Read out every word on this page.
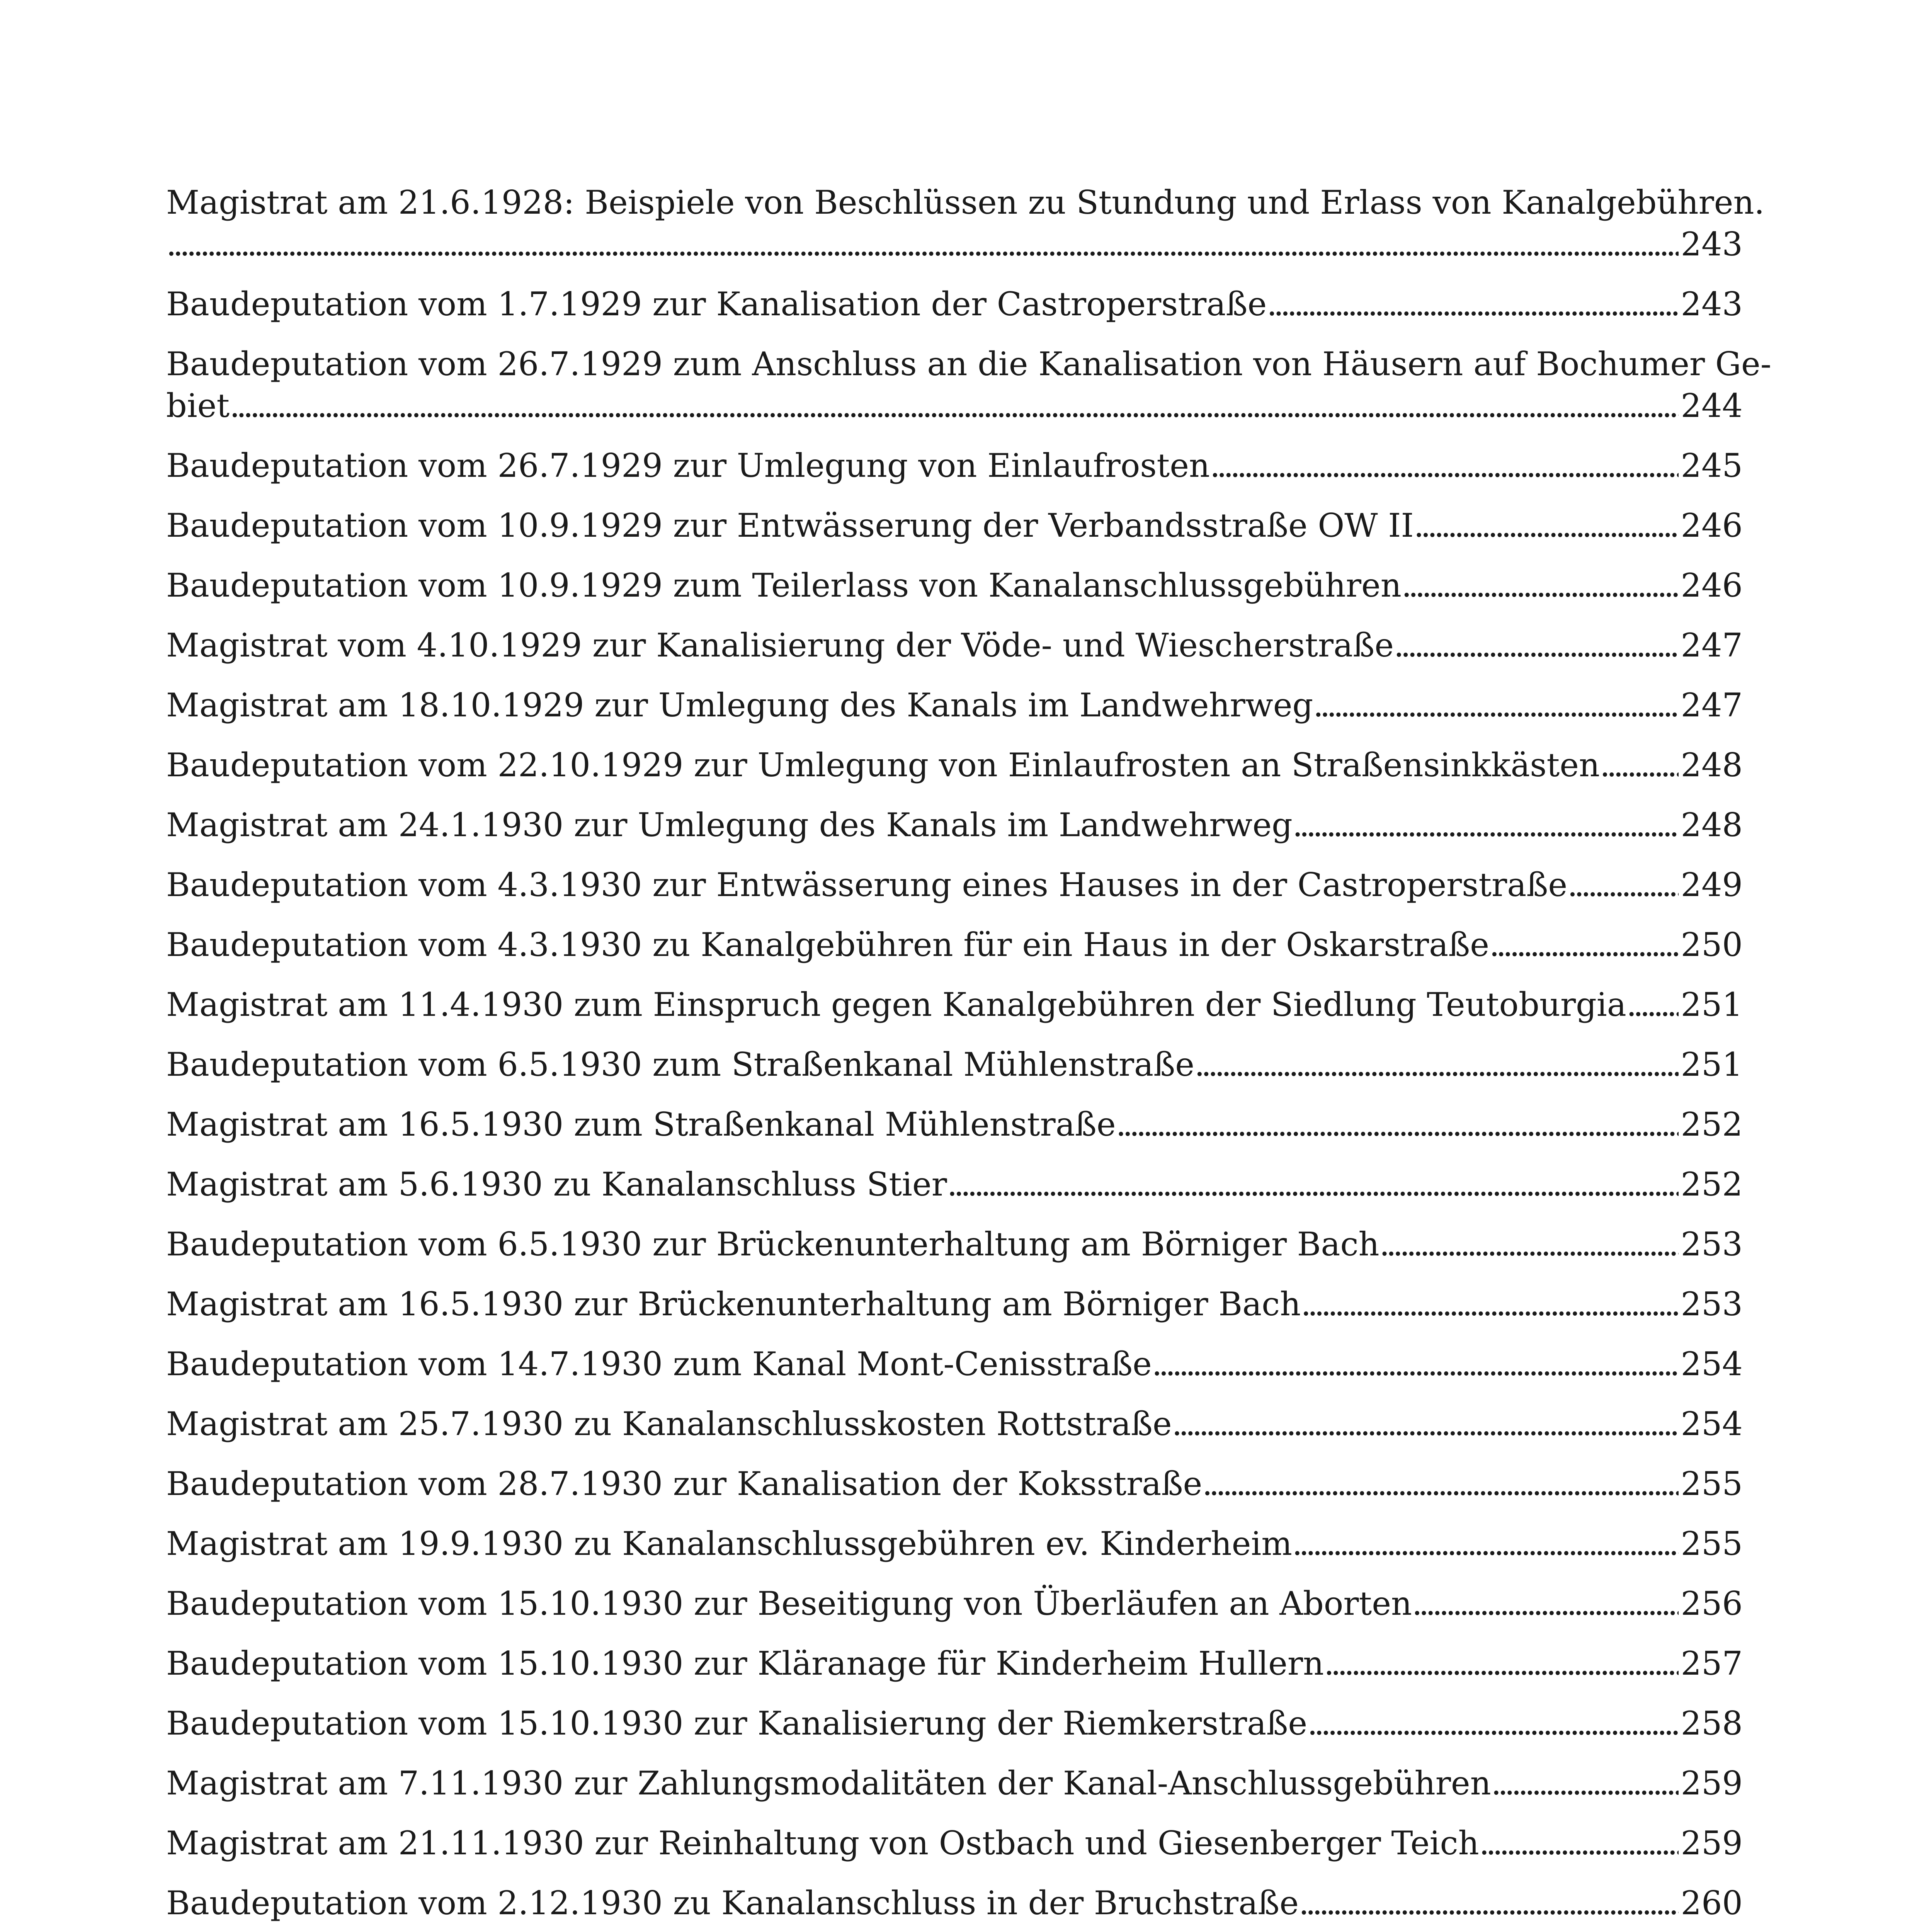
Magistrat am 21.6.1928: Beispiele von Beschlüssen zu Stundung und Erlass von Kanalgebühren.
. . .
243
Baudeputation vom 1.7.1929 zur Kanalisation der Castroperstraße . . .	243
Baudeputation vom 26.7.1929 zum Anschluss an die Kanalisation von Häusern auf Bochumer Ge-
biet . . .	244
Baudeputation vom 26.7.1929 zur Umlegung von Einlaufrosten . . .	245
Baudeputation vom 10.9.1929 zur Entwässerung der Verbandsstraße OW II . . .	246
Baudeputation vom 10.9.1929 zum Teilerlass von Kanalanschlussgebühren . . .	246
Magistrat vom 4.10.1929 zur Kanalisierung der Vöde- und Wiescherstraße . . .	247
Magistrat am 18.10.1929 zur Umlegung des Kanals im Landwehrweg . . .	247
Baudeputation vom 22.10.1929 zur Umlegung von Einlaufrosten an Straßensinkkästen . . . 248
Magistrat am 24.1.1930 zur Umlegung des Kanals im Landwehrweg . . .	248
Baudeputation vom 4.3.1930 zur Entwässerung eines Hauses in der Castroperstraße . . .	249
Baudeputation vom 4.3.1930 zu Kanalgebühren für ein Haus in der Oskarstraße . . .	250
Magistrat am 11.4.1930 zum Einspruch gegen Kanalgebühren der Siedlung Teutoburgia . . . 251
Baudeputation vom 6.5.1930 zum Straßenkanal Mühlenstraße . . .	251
Magistrat am 16.5.1930 zum Straßenkanal Mühlenstraße . . .	252
Magistrat am 5.6.1930 zu Kanalanschluss Stier . . .	252
Baudeputation vom 6.5.1930 zur Brückenunterhaltung am Börniger Bach . . .	253
Magistrat am 16.5.1930 zur Brückenunterhaltung am Börniger Bach . . .	253
Baudeputation vom 14.7.1930 zum Kanal Mont-Cenisstraße . . .	254
Magistrat am 25.7.1930 zu Kanalanschlusskosten Rottstraße . . .	254
Baudeputation vom 28.7.1930 zur Kanalisation der Koksstraße . . .	255
Magistrat am 19.9.1930 zu Kanalanschlussgebühren ev. Kinderheim . . .	255
Baudeputation vom 15.10.1930 zur Beseitigung von Überläufen an Aborten . . .	256
Baudeputation vom 15.10.1930 zur Kläranage für Kinderheim Hullern . . .	257
Baudeputation vom 15.10.1930 zur Kanalisierung der Riemkerstraße . . .	258
Magistrat am 7.11.1930 zur Zahlungsmodalitäten der Kanal-Anschlussgebühren . . .	259
Magistrat am 21.11.1930 zur Reinhaltung von Ostbach und Giesenberger Teich . . .	259
Baudeputation vom 2.12.1930 zu Kanalanschluss in der Bruchstraße . . .	260
